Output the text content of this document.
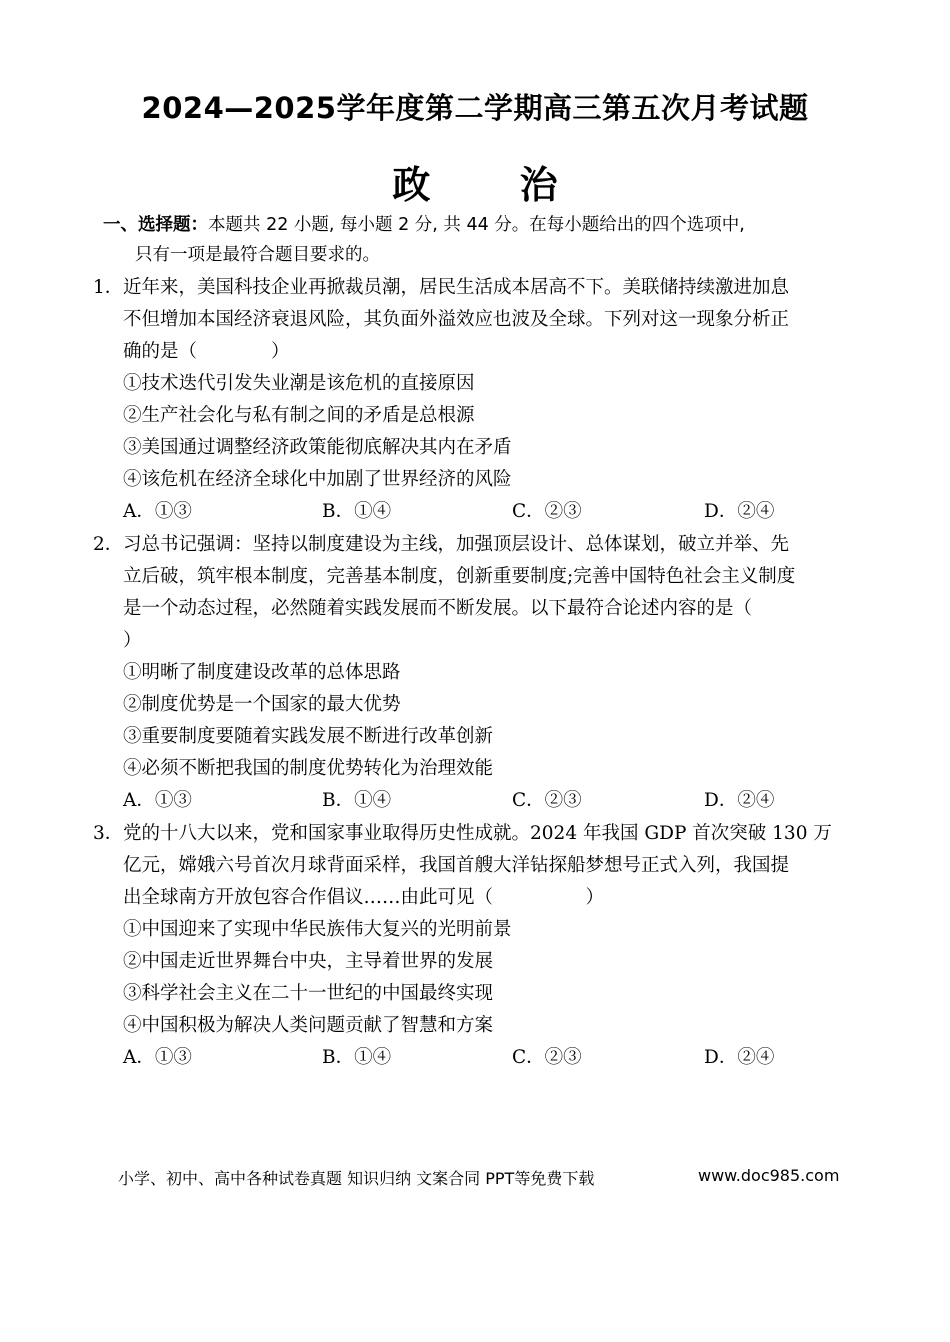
2024—2025学年度第二学期高三第五次月考试题
政 治
一、选择题：本题共 22 小题, 每小题 2 分, 共 44 分。在每小题给出的四个选项中,
只有一项是最符合题目要求的。
1． 近年来，美国科技企业再掀裁员潮，居民生活成本居高不下。美联储持续激进加息
不但增加本国经济衰退风险，其负面外溢效应也波及全球。下列对这一现象分析正
确的是（　　　　）
①技术迭代引发失业潮是该危机的直接原因
②生产社会化与私有制之间的矛盾是总根源
③美国通过调整经济政策能彻底解决其内在矛盾
④该危机在经济全球化中加剧了世界经济的风险
A．①③	B．①④	C．②③	D．②④
2． 习总书记强调：坚持以制度建设为主线，加强顶层设计、总体谋划，破立并举、先
立后破，筑牢根本制度，完善基本制度，创新重要制度;完善中国特色社会主义制度
是一个动态过程，必然随着实践发展而不断发展。以下最符合论述内容的是（
）
①明晰了制度建设改革的总体思路
②制度优势是一个国家的最大优势
③重要制度要随着实践发展不断进行改革创新
④必须不断把我国的制度优势转化为治理效能
A．①③	B．①④	C．②③	D．②④
3． 党的十八大以来，党和国家事业取得历史性成就。2024 年我国 GDP 首次突破 130 万
亿元，嫦娥六号首次月球背面采样，我国首艘大洋钻探船梦想号正式入列，我国提
出全球南方开放包容合作倡议……由此可见（　　　　　）
①中国迎来了实现中华民族伟大复兴的光明前景
②中国走近世界舞台中央，主导着世界的发展
③科学社会主义在二十一世纪的中国最终实现
④中国积极为解决人类问题贡献了智慧和方案
A．①③	B．①④	C．②③	D．②④
小学、初中、高中各种试卷真题 知识归纳 文案合同 PPT等免费下载	www.doc985.com
